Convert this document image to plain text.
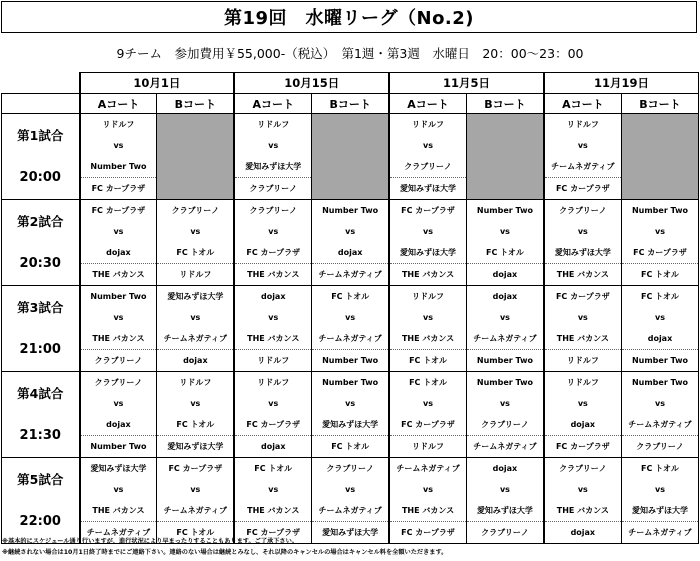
第19回　水曜リーグ（No.2)
9チーム　参加費用￥55,000-（税込）　第1週・第3週　水曜日　20：00～23：00
	10月1日		10月15日		11月5日		11月19日	
	Aコート	Bコート	Aコート	Bコート	Aコート	Bコート	Aコート	Bコート
第1試合	リドルフ		リドルフ		リドルフ		リドルフ	
	vs		vs		vs		vs	
20:00	Number Two		愛知みずほ大学		クラブリーノ		チームネガティブ	
	FC カープラザ		クラブリーノ		愛知みずほ大学		FC カープラザ	
第2試合	FC カープラザ	クラブリーノ	クラブリーノ	Number Two	FC カープラザ	Number Two	クラブリーノ	Number Two
	vs	vs	vs	vs	vs	vs	vs	vs
20:30	dojax	FC トオル	FC カープラザ	dojax	愛知みずほ大学	FC トオル	愛知みずほ大学	FC カープラザ
	THE バカンス	リドルフ	THE バカンス	チームネガティブ	THE バカンス	dojax	THE バカンス	FC トオル
第3試合	Number Two	愛知みずほ大学	dojax	FC トオル	リドルフ	dojax	FC カープラザ	FC トオル
	vs	vs	vs	vs	vs	vs	vs	vs
21:00	THE バカンス	チームネガティブ	THE バカンス	チームネガティブ	THE バカンス	チームネガティブ	THE バカンス	dojax
	クラブリーノ	dojax	リドルフ	Number Two	FC トオル	Number Two	リドルフ	Number Two
第4試合	クラブリーノ	リドルフ	リドルフ	Number Two	FC トオル	Number Two	リドルフ	Number Two
	vs	vs	vs	vs	vs	vs	vs	vs
21:30	dojax	FC トオル	FC カープラザ	愛知みずほ大学	FC カープラザ	クラブリーノ	dojax	チームネガティブ
	Number Two	愛知みずほ大学	dojax	FC トオル	リドルフ	チームネガティブ	FC カープラザ	クラブリーノ
第5試合	愛知みずほ大学	FC カープラザ	FC トオル	クラブリーノ	チームネガティブ	dojax	クラブリーノ	FC トオル
	vs	vs	vs	vs	vs	vs	vs	vs
22:00	THE バカンス	チームネガティブ	THE バカンス	チームネガティブ	THE バカンス	愛知みずほ大学	THE バカンス	愛知みずほ大学
	チームネガティブ	FC トオル	FC カープラザ	愛知みずほ大学	FC カープラザ	クラブリーノ	dojax	チームネガティブ
※基本的にスケジュール通り行いますが、進行状況により早まったりすることもあります。ご了承下さい。
※継続されない場合は10月1日終了時までにご連絡下さい。連絡のない場合は継続とみなし、それ以降のキャンセルの場合はキャンセル料を全額いただきます。
